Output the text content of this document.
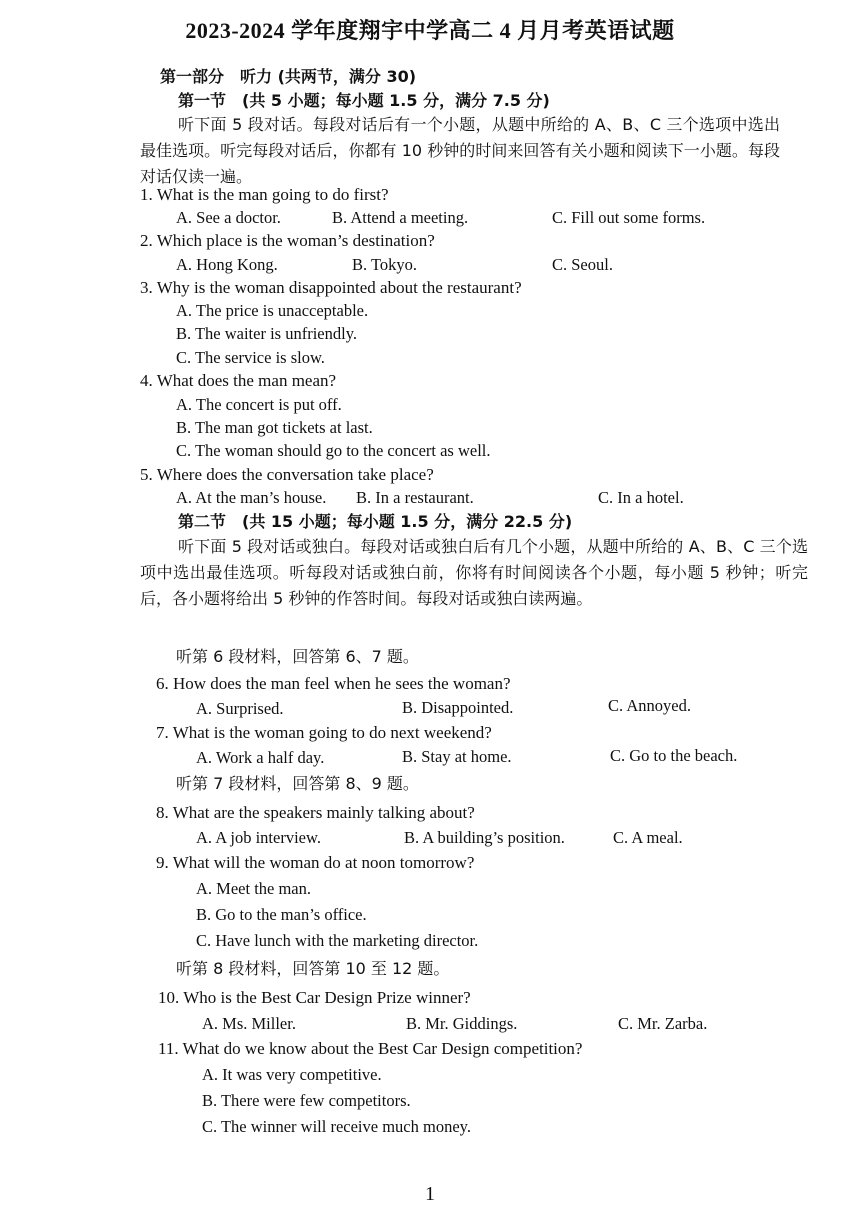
2023-2024 学年度翔宇中学高二 4 月月考英语试题
第一部分　听力 (共两节，满分 30)
第一节　(共 5 小题；每小题 1.5 分，满分 7.5 分)
听下面 5 段对话。每段对话后有一个小题，从题中所给的 A、B、C 三个选项中选出最佳选项。听完每段对话后，你都有 10 秒钟的时间来回答有关小题和阅读下一小题。每段对话仅读一遍。
1. What is the man going to do first?
A. See a doctor.	B. Attend a meeting.	C. Fill out some forms.
2. Which place is the woman’s destination?
A. Hong Kong.	B. Tokyo.	C. Seoul.
3. Why is the woman disappointed about the restaurant?
A. The price is unacceptable.
B. The waiter is unfriendly.
C. The service is slow.
4. What does the man mean?
A. The concert is put off.
B. The man got tickets at last.
C. The woman should go to the concert as well.
5. Where does the conversation take place?
A. At the man’s house. B. In a restaurant.	C. In a hotel.
第二节　(共 15 小题；每小题 1.5 分，满分 22.5 分)
听下面 5 段对话或独白。每段对话或独白后有几个小题，从题中所给的 A、B、C 三个选项中选出最佳选项。听每段对话或独白前，你将有时间阅读各个小题，每小题 5 秒钟；听完后，各小题将给出 5 秒钟的作答时间。每段对话或独白读两遍。
听第 6 段材料，回答第 6、7 题。
6. How does the man feel when he sees the woman?
A. Surprised.	B. Disappointed.	C. Annoyed.
7. What is the woman going to do next weekend?
A. Work a half day.	B. Stay at home.	C. Go to the beach.
听第 7 段材料，回答第 8、9 题。
8. What are the speakers mainly talking about?
A. A job interview.	B. A building’s position.	C. A meal.
9. What will the woman do at noon tomorrow?
A. Meet the man.
B. Go to the man’s office.
C. Have lunch with the marketing director.
听第 8 段材料，回答第 10 至 12 题。
10. Who is the Best Car Design Prize winner?
A. Ms. Miller.	B. Mr. Giddings.	C. Mr. Zarba.
11. What do we know about the Best Car Design competition?
A. It was very competitive.
B. There were few competitors.
C. The winner will receive much money.
1
